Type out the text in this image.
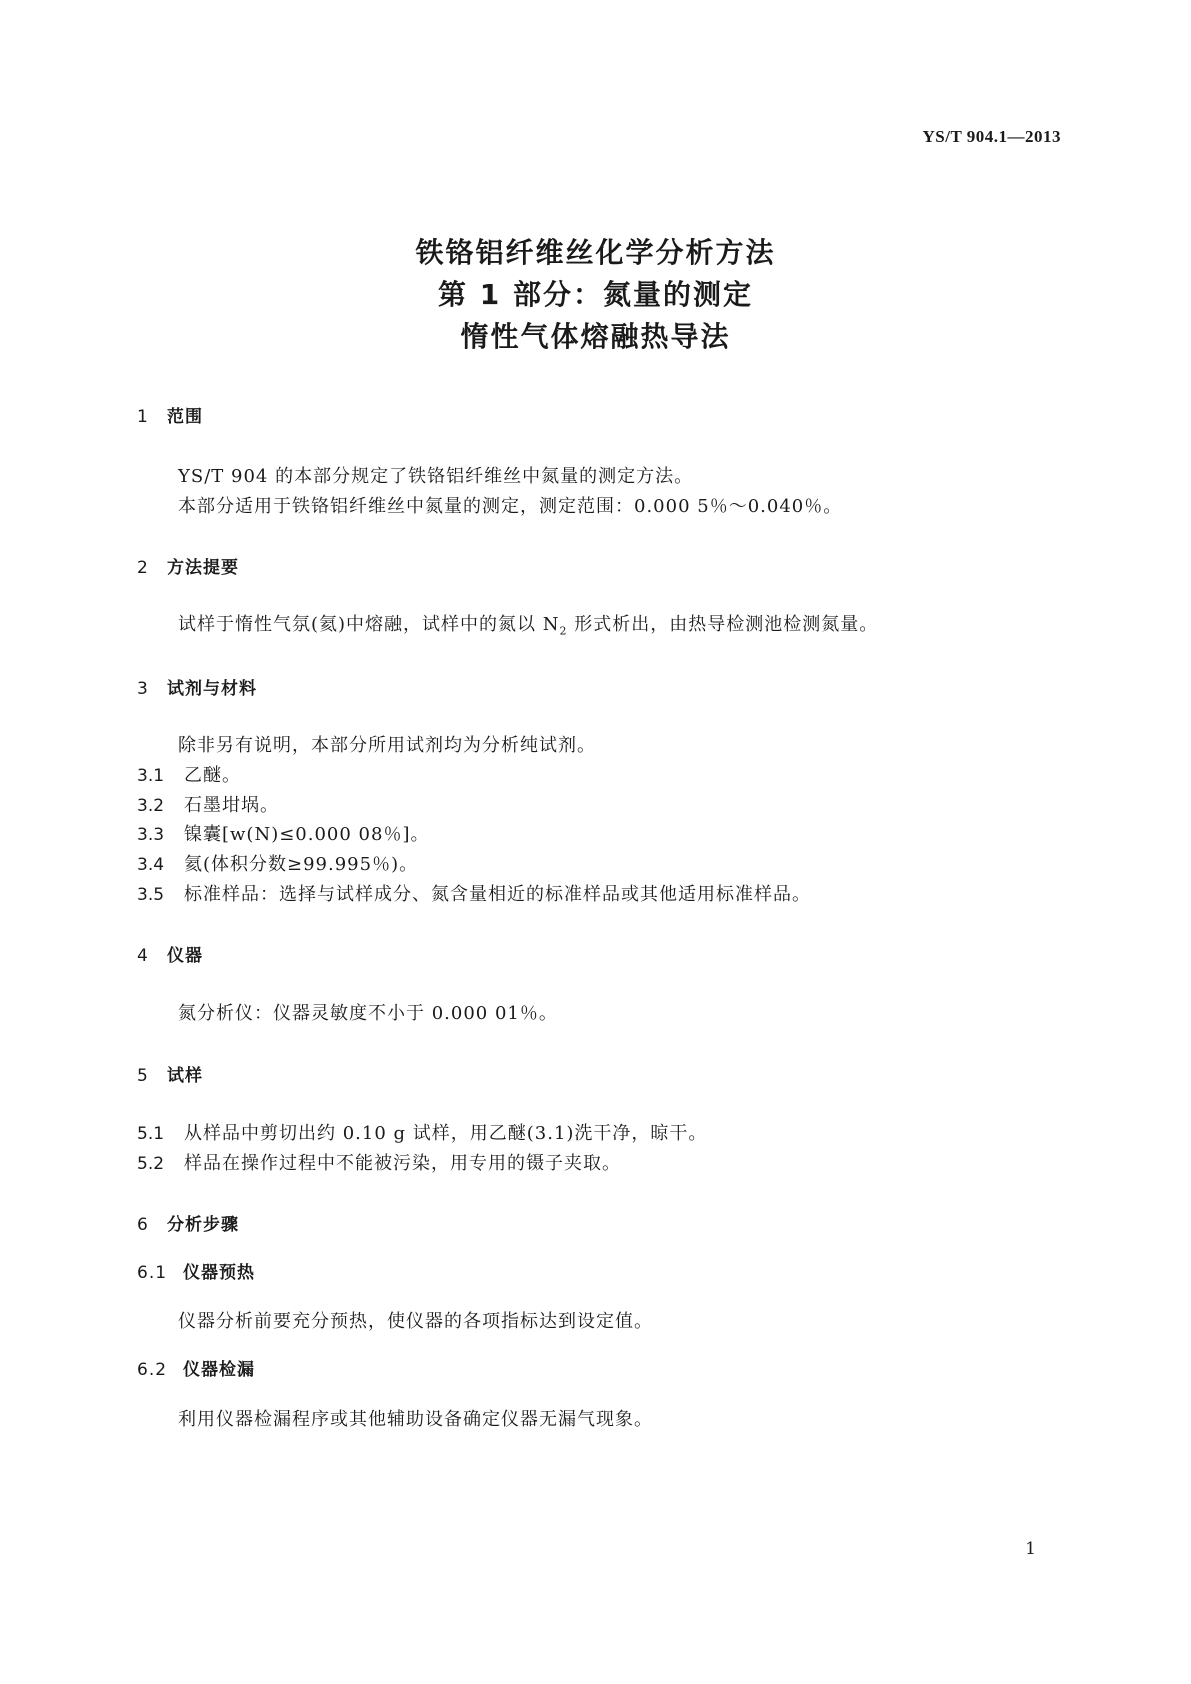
YS/T 904.1—2013

铁铬铝纤维丝化学分析方法
第 1 部分：氮量的测定
惰性气体熔融热导法
1 范围

YS/T 904 的本部分规定了铁铬铝纤维丝中氮量的测定方法。

本部分适用于铁铬铝纤维丝中氮量的测定，测定范围：0.000 5％～0.040％。

2 方法提要

试样于惰性气氛(氦)中熔融，试样中的氮以 $N_2$ 形式析出，由热导检测池检测氮量。

3 试剂与材料

除非另有说明，本部分所用试剂均为分析纯试剂。

3.1 乙醚。

3.2 石墨坩埚。

3.3 镍囊[w(N)≤0.000 08％]。

3.4 氦(体积分数≥99.995％)。

3.5 标准样品：选择与试样成分、氮含量相近的标准样品或其他适用标准样品。

4 仪器

氮分析仪：仪器灵敏度不小于 0.000 01％。

5 试样

5.1 从样品中剪切出约 0.10 g 试样，用乙醚(3.1)洗干净，晾干。

5.2 样品在操作过程中不能被污染，用专用的镊子夹取。

6 分析步骤
6.1 仪器预热

仪器分析前要充分预热，使仪器的各项指标达到设定值。

6.2 仪器检漏

利用仪器检漏程序或其他辅助设备确定仪器无漏气现象。

1
